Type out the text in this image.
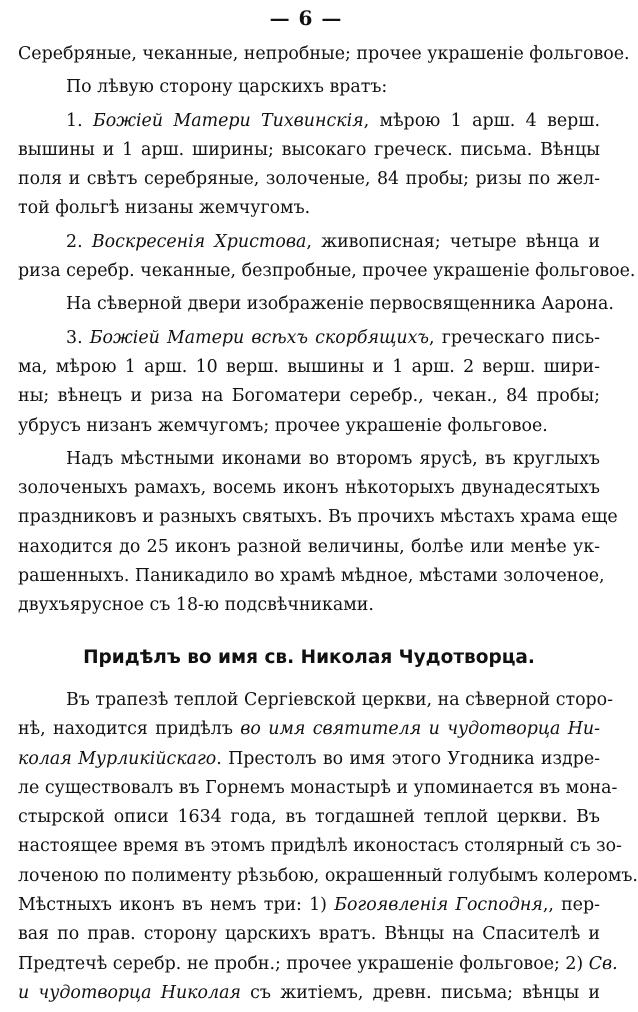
— 6 —
Серебряные, чеканные, непробные; прочее украшеніе фольговое.
По лѣвую сторону царскихъ вратъ:
1. Божіей Матери Тихвинскія, мѣрою 1 арш. 4 верш.
вышины и 1 арш. ширины; высокаго греческ. письма. Вѣнцы
поля и свѣтъ серебряные, золоченые, 84 пробы; ризы по жел-
той фольгѣ низаны жемчугомъ.
2. Воскресенія Христова, живописная; четыре вѣнца и
риза серебр. чеканные, безпробные, прочее украшеніе фольговое.
На сѣверной двери изображеніе первосвященника Аарона.
3. Божіей Матери всѣхъ скорбящихъ, греческаго пись-
ма, мѣрою 1 арш. 10 верш. вышины и 1 арш. 2 верш. шири-
ны; вѣнецъ и риза на Богоматери серебр., чекан., 84 пробы;
убрусъ низанъ жемчугомъ; прочее украшеніе фольговое.
Надъ мѣстными иконами во второмъ ярусѣ, въ круглыхъ
золоченыхъ рамахъ, восемь иконъ нѣкоторыхъ двунадесятыхъ
праздниковъ и разныхъ святыхъ. Въ прочихъ мѣстахъ храма еще
находится до 25 иконъ разной величины, болѣе или менѣе ук-
рашенныхъ. Паникадило во храмѣ мѣдное, мѣстами золоченое,
двухъярусное съ 18-ю подсвѣчниками.
Придѣлъ во имя св. Николая Чудотворца.
Въ трапезѣ теплой Сергіевской церкви, на сѣверной сторо-
нѣ, находится придѣлъ во имя святителя и чудотворца Ни-
колая Мурликійскаго. Престолъ во имя этого Угодника издре-
ле существовалъ въ Горнемъ монастырѣ и упоминается въ мона-
стырской описи 1634 года, въ тогдашней теплой церкви. Въ
настоящее время въ этомъ придѣлѣ иконостасъ столярный съ зо-
лоченою по полименту рѣзьбою, окрашенный голубымъ колеромъ.
Мѣстныхъ иконъ въ немъ три: 1) Богоявленія Господня,, пер-
вая по прав. сторону царскихъ вратъ. Вѣнцы на Спасителѣ и
Предтечѣ серебр. не пробн.; прочее украшеніе фольговое; 2) Св.
и чудотворца Николая съ житіемъ, древн. письма; вѣнцы и
